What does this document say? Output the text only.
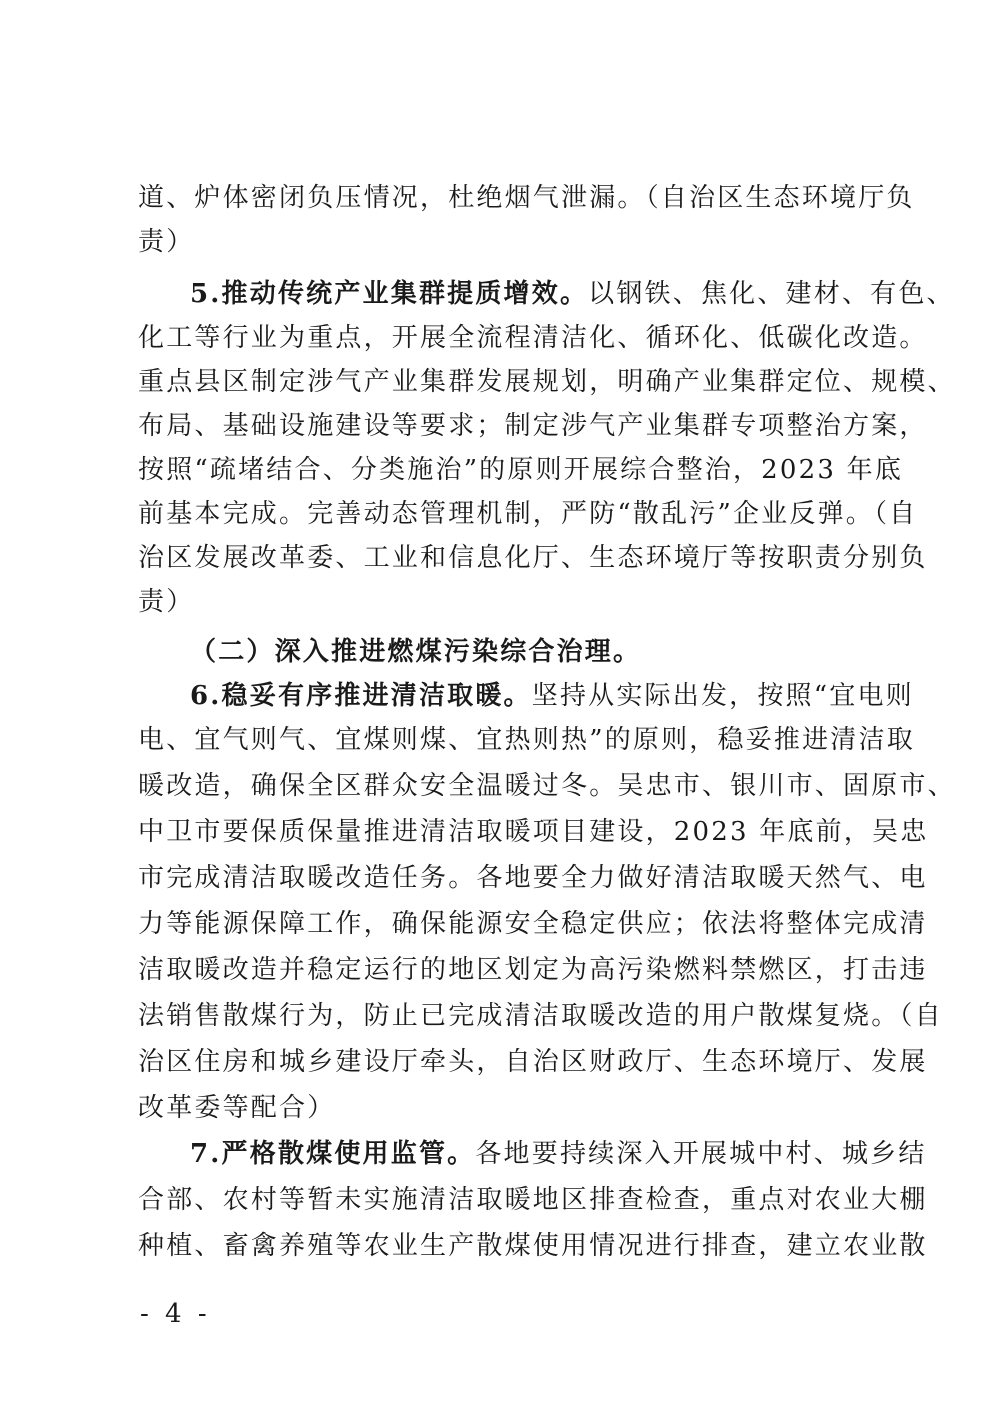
道、炉体密闭负压情况，杜绝烟气泄漏。（自治区生态环境厅负
责）
5.推动传统产业集群提质增效。以钢铁、焦化、建材、有色、
化工等行业为重点，开展全流程清洁化、循环化、低碳化改造。
重点县区制定涉气产业集群发展规划，明确产业集群定位、规模、
布局、基础设施建设等要求；制定涉气产业集群专项整治方案，
按照“疏堵结合、分类施治”的原则开展综合整治，2023 年底
前基本完成。完善动态管理机制，严防“散乱污”企业反弹。（自
治区发展改革委、工业和信息化厅、生态环境厅等按职责分别负
责）
（二）深入推进燃煤污染综合治理。
6.稳妥有序推进清洁取暖。坚持从实际出发，按照“宜电则
电、宜气则气、宜煤则煤、宜热则热”的原则，稳妥推进清洁取
暖改造，确保全区群众安全温暖过冬。吴忠市、银川市、固原市、
中卫市要保质保量推进清洁取暖项目建设，2023 年底前，吴忠
市完成清洁取暖改造任务。各地要全力做好清洁取暖天然气、电
力等能源保障工作，确保能源安全稳定供应；依法将整体完成清
洁取暖改造并稳定运行的地区划定为高污染燃料禁燃区，打击违
法销售散煤行为，防止已完成清洁取暖改造的用户散煤复烧。（自
治区住房和城乡建设厅牵头，自治区财政厅、生态环境厅、发展
改革委等配合）
7.严格散煤使用监管。各地要持续深入开展城中村、城乡结
合部、农村等暂未实施清洁取暖地区排查检查，重点对农业大棚
种植、畜禽养殖等农业生产散煤使用情况进行排查，建立农业散
- 4 -
